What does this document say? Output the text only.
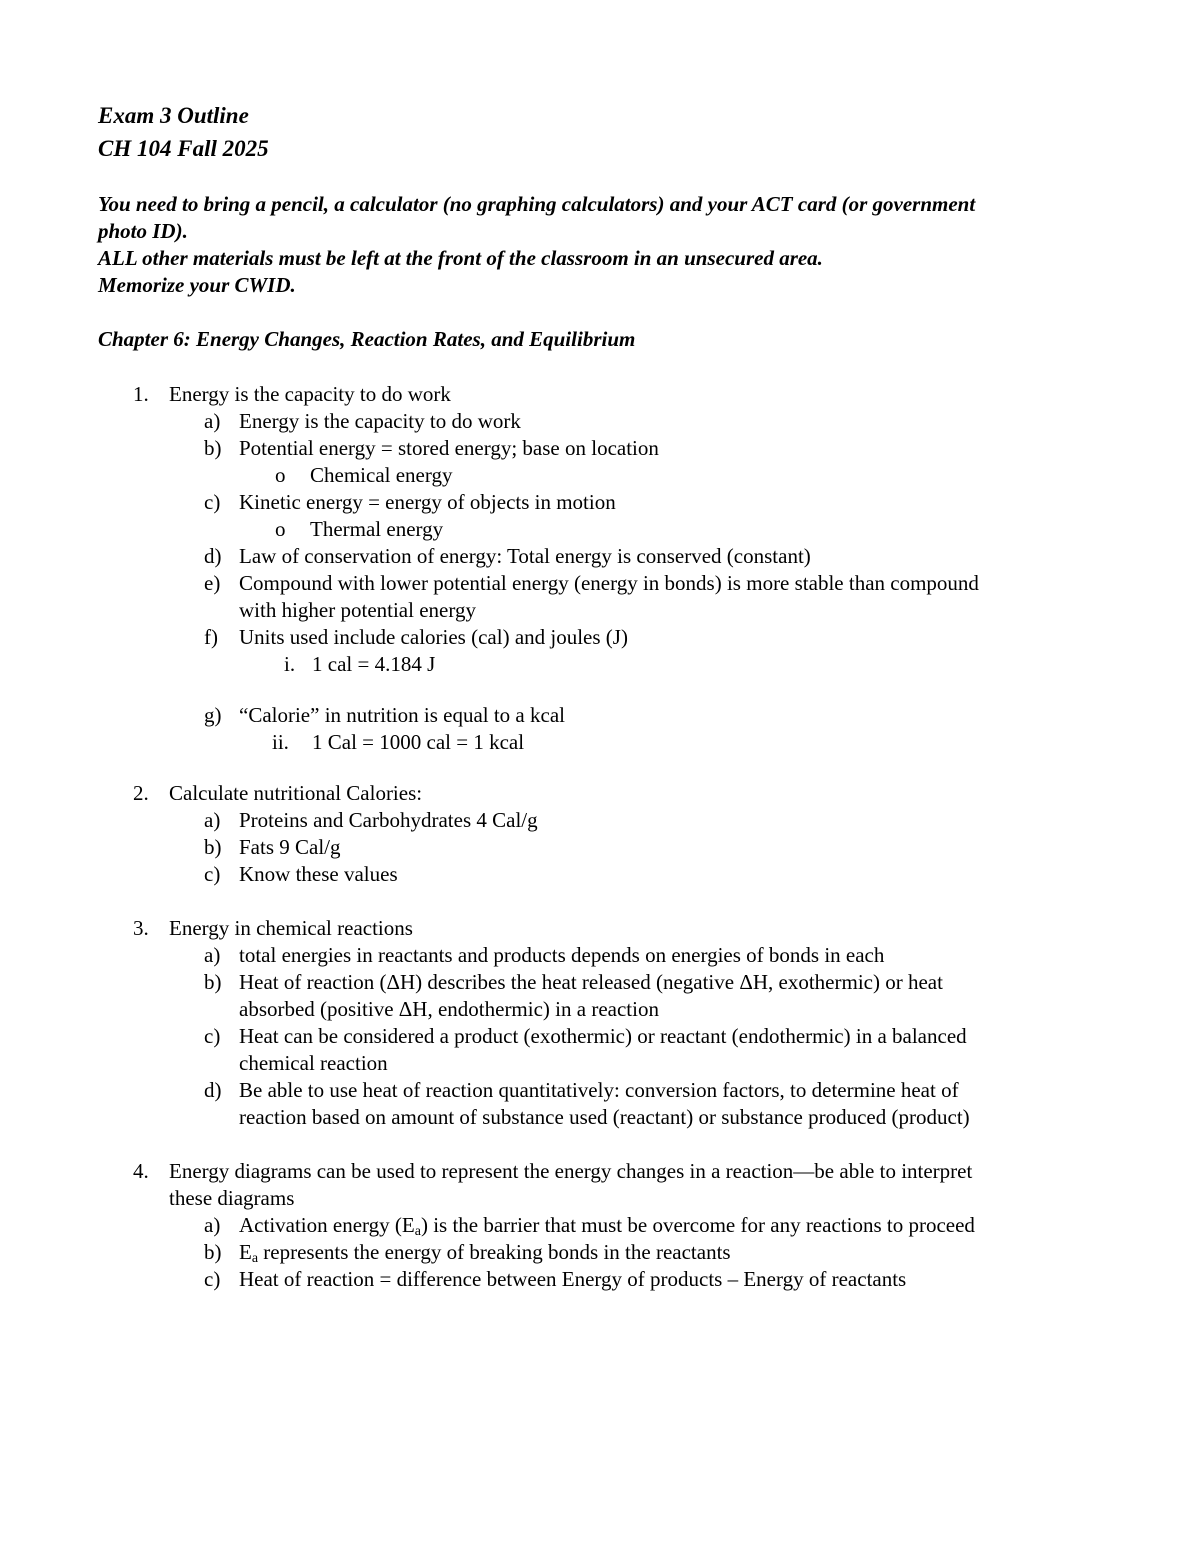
Exam 3 Outline
CH 104 Fall 2025
You need to bring a pencil, a calculator (no graphing calculators) and your ACT card (or government
photo ID).
ALL other materials must be left at the front of the classroom in an unsecured area.
Memorize your CWID.
Chapter 6: Energy Changes, Reaction Rates, and Equilibrium
1. Energy is the capacity to do work
a) Energy is the capacity to do work
b) Potential energy = stored energy; base on location
o Chemical energy
c) Kinetic energy = energy of objects in motion
o Thermal energy
d) Law of conservation of energy: Total energy is conserved (constant)
e) Compound with lower potential energy (energy in bonds) is more stable than compound
with higher potential energy
f) Units used include calories (cal) and joules (J)
i. 1 cal = 4.184 J
g) “Calorie” in nutrition is equal to a kcal
ii. 1 Cal = 1000 cal = 1 kcal
2. Calculate nutritional Calories:
a) Proteins and Carbohydrates 4 Cal/g
b) Fats 9 Cal/g
c) Know these values
3. Energy in chemical reactions
a) total energies in reactants and products depends on energies of bonds in each
b) Heat of reaction (ΔH) describes the heat released (negative ΔH, exothermic) or heat
absorbed (positive ΔH, endothermic) in a reaction
c) Heat can be considered a product (exothermic) or reactant (endothermic) in a balanced
chemical reaction
d) Be able to use heat of reaction quantitatively: conversion factors, to determine heat of
reaction based on amount of substance used (reactant) or substance produced (product)
4. Energy diagrams can be used to represent the energy changes in a reaction—be able to interpret
these diagrams
a) Activation energy $(E_a)$ is the barrier that must be overcome for any reactions to proceed
b) $E_a$ represents the energy of breaking bonds in the reactants
c) Heat of reaction = difference between Energy of products – Energy of reactants
